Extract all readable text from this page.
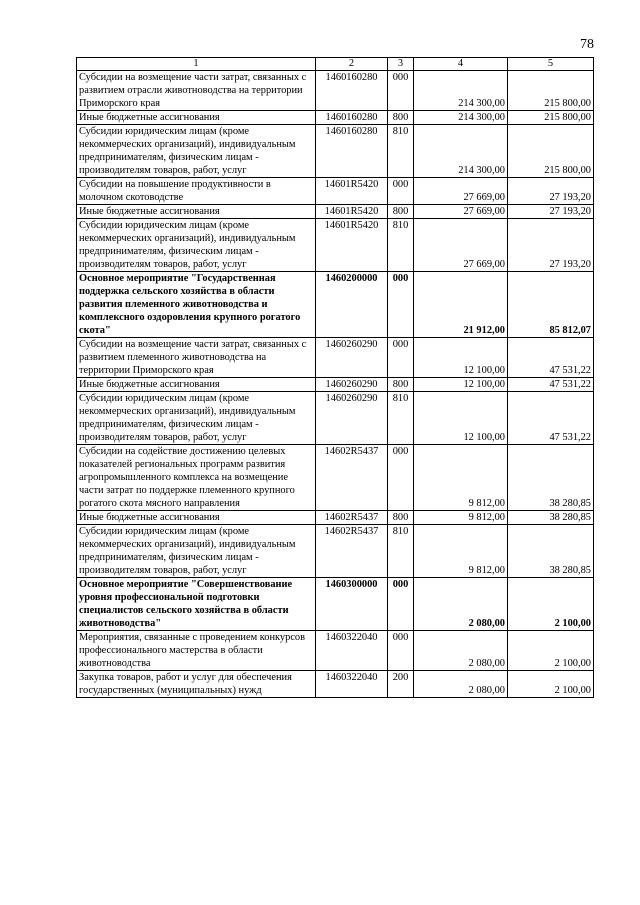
78
1	2	3	4	5
Субсидии на возмещение части затрат, связанных с развитием отрасли животноводства на территории Приморского края	1460160280	000	214 300,00	215 800,00
Иные бюджетные ассигнования	1460160280	800	214 300,00	215 800,00
Субсидии юридическим лицам (кроме некоммерческих организаций), индивидуальным предпринимателям, физическим лицам - производителям товаров, работ, услуг	1460160280	810	214 300,00	215 800,00
Субсидии на повышение продуктивности в молочном скотоводстве	14601R5420	000	27 669,00	27 193,20
Иные бюджетные ассигнования	14601R5420	800	27 669,00	27 193,20
Субсидии юридическим лицам (кроме некоммерческих организаций), индивидуальным предпринимателям, физическим лицам - производителям товаров, работ, услуг	14601R5420	810	27 669,00	27 193,20
Основное мероприятие "Государственная поддержка сельского хозяйства в области развития племенного животноводства и комплексного оздоровления крупного рогатого скота"	1460200000	000	21 912,00	85 812,07
Субсидии на возмещение части затрат, связанных с развитием племенного животноводства на территории Приморского края	1460260290	000	12 100,00	47 531,22
Иные бюджетные ассигнования	1460260290	800	12 100,00	47 531,22
Субсидии юридическим лицам (кроме некоммерческих организаций), индивидуальным предпринимателям, физическим лицам - производителям товаров, работ, услуг	1460260290	810	12 100,00	47 531,22
Субсидии на содействие достижению целевых показателей региональных программ развития агропромышленного комплекса на возмещение части затрат по поддержке племенного крупного рогатого скота мясного направления	14602R5437	000	9 812,00	38 280,85
Иные бюджетные ассигнования	14602R5437	800	9 812,00	38 280,85
Субсидии юридическим лицам (кроме некоммерческих организаций), индивидуальным предпринимателям, физическим лицам - производителям товаров, работ, услуг	14602R5437	810	9 812,00	38 280,85
Основное мероприятие "Совершенствование уровня профессиональной подготовки специалистов сельского хозяйства в области животноводства"	1460300000	000	2 080,00	2 100,00
Мероприятия, связанные с проведением конкурсов профессионального мастерства в области животноводства	1460322040	000	2 080,00	2 100,00
Закупка товаров, работ и услуг для обеспечения государственных (муниципальных) нужд	1460322040	200	2 080,00	2 100,00
